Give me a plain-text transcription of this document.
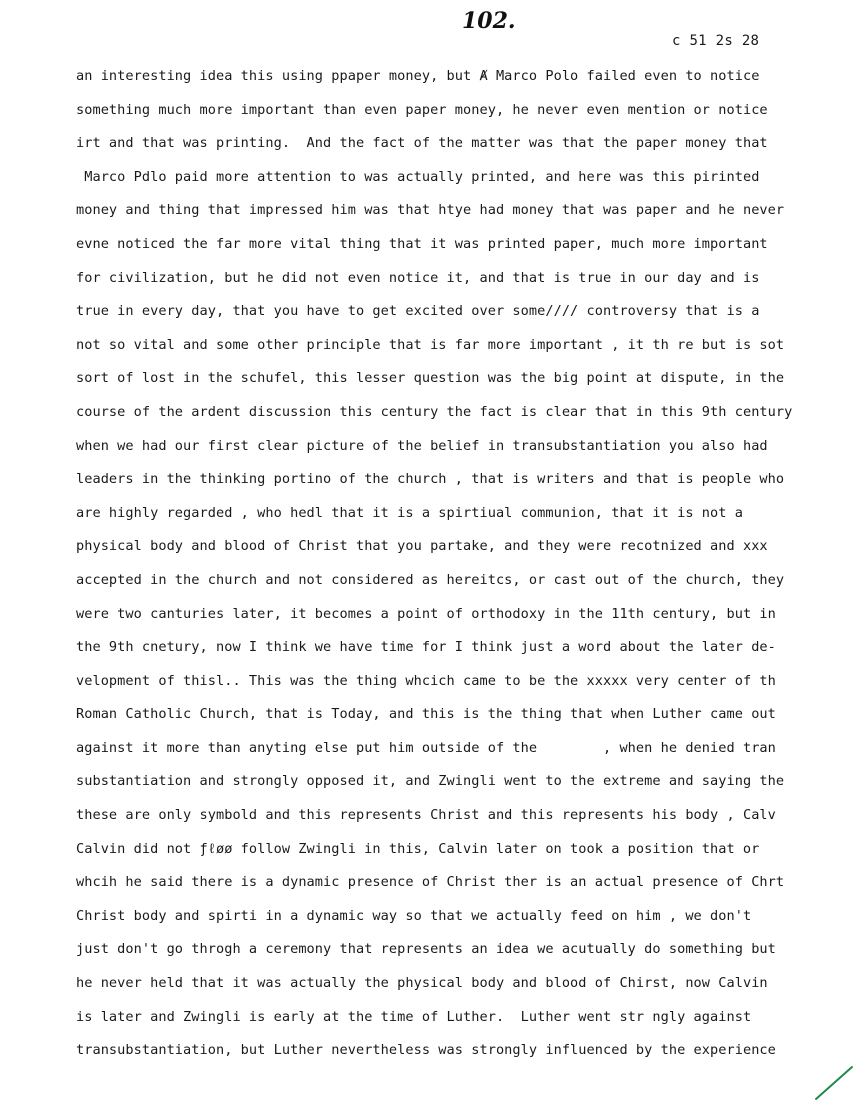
102.
c 51 2s 28
an interesting idea this using ppaper money, but Ⱥ Marco Polo failed even to notice
something much more important than even paper money, he never even mention or notice
irt and that was printing.  And the fact of the matter was that the paper money that
Marco Pdlo paid more attention to was actually printed, and here was this pirinted
money and thing that impressed him was that htye had money that was paper and he never
evne noticed the far more vital thing that it was printed paper, much more important
for civilization, but he did not even notice it, and that is true in our day and is
true in every day, that you have to get excited over some//// controversy that is a
not so vital and some other principle that is far more important , it th re but is sot
sort of lost in the schufel, this lesser question was the big point at dispute, in the
course of the ardent discussion this century the fact is clear that in this 9th century
when we had our first clear picture of the belief in transubstantiation you also had
leaders in the thinking portino of the church , that is writers and that is people who
are highly regarded , who hedl that it is a spirtiual communion, that it is not a
physical body and blood of Christ that you partake, and they were recotnized and xxx
accepted in the church and not considered as hereitcs, or cast out of the church, they
were two canturies later, it becomes a point of orthodoxy in the 11th century, but in
the 9th cnetury, now I think we have time for I think just a word about the later de-
velopment of thisl.. This was the thing whcich came to be the xxxxx very center of th
Roman Catholic Church, that is Today, and this is the thing that when Luther came out
against it more than anyting else put him outside of the        , when he denied tran
substantiation and strongly opposed it, and Zwingli went to the extreme and saying the
these are only symbold and this represents Christ and this represents his body , Calv
Calvin did not ƒℓøø follow Zwingli in this, Calvin later on took a position that or
whcih he said there is a dynamic presence of Christ ther is an actual presence of Chrt
Christ body and spirti in a dynamic way so that we actually feed on him , we don't
just don't go throgh a ceremony that represents an idea we acutually do something but
he never held that it was actually the physical body and blood of Chirst, now Calvin
is later and Zwingli is early at the time of Luther.  Luther went str ngly against
transubstantiation, but Luther nevertheless was strongly influenced by the experience
